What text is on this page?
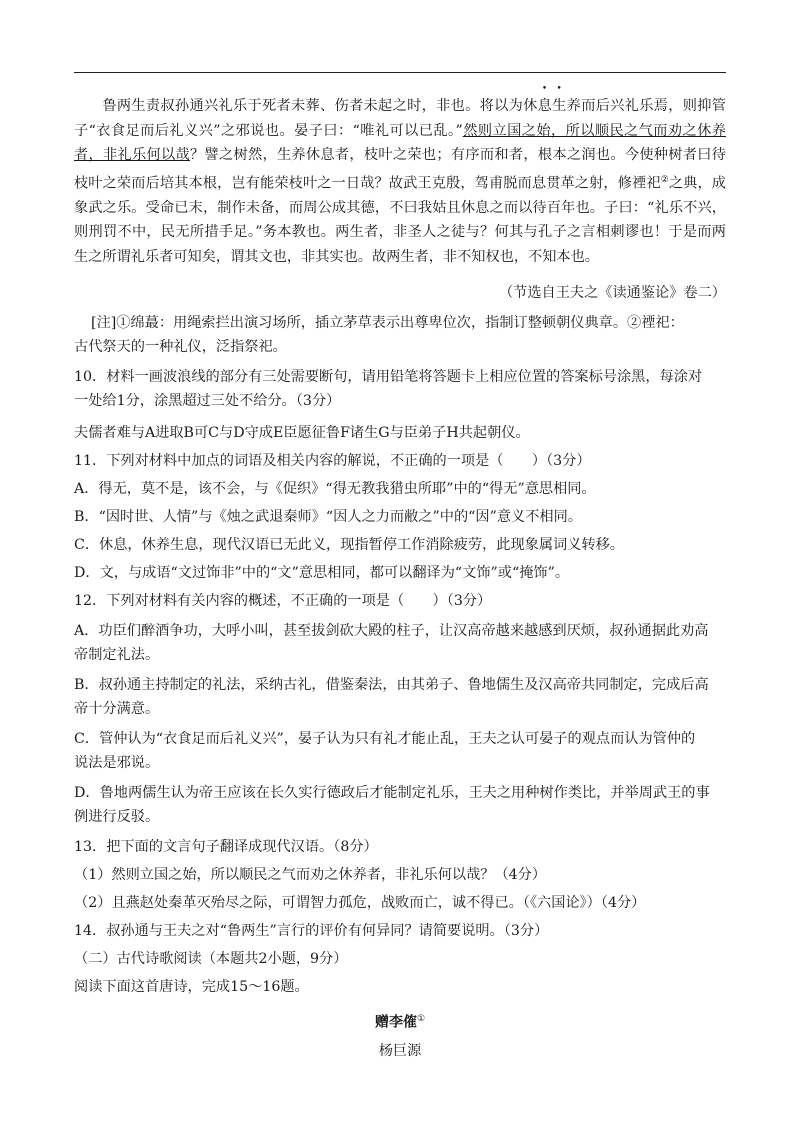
鲁两生责叔孙通兴礼乐于死者未葬、伤者未起之时，非也。将以为休息生养而后兴礼乐焉，则抑管子“衣食足而后礼义兴”之邪说也。晏子曰：“唯礼可以已乱。”然则立国之始，所以顺民之气而劝之休养者，非礼乐何以哉？譬之树然，生养休息者，枝叶之荣也；有序而和者，根本之润也。今使种树者曰待枝叶之荣而后培其本根，岂有能荣枝叶之一日哉？故武王克殷，驾甫脱而息贯革之射，修禋祀②之典，成象武之乐。受命已末，制作未备，而周公成其德，不曰我姑且休息之而以待百年也。子曰：“礼乐不兴，则刑罚不中，民无所措手足。”务本教也。两生者，非圣人之徒与？何其与孔子之言相刺谬也！于是而两生之所谓礼乐者可知矣，谓其文也，非其实也。故两生者，非不知权也，不知本也。

（节选自王夫之《读通鉴论》卷二）

[注]①绵蕞：用绳索拦出演习场所，插立茅草表示出尊卑位次，指制订整顿朝仪典章。②禋祀：

古代祭天的一种礼仪，泛指祭祀。

10．材料一画波浪线的部分有三处需要断句，请用铅笔将答题卡上相应位置的答案标号涂黑，每涂对

一处给1分，涂黑超过三处不给分。（3分）

夫儒者难与A进取B可C与D守成E臣愿征鲁F诸生G与臣弟子H共起朝仪。

11．下列对材料中加点的词语及相关内容的解说，不正确的一项是（　　）（3分）

A．得无，莫不是，该不会，与《促织》“得无教我猎虫所耶”中的“得无”意思相同。

B．“因时世、人情”与《烛之武退秦师》“因人之力而敝之”中的“因”意义不相同。

C．休息，休养生息，现代汉语已无此义，现指暂停工作消除疲劳，此现象属词义转移。

D．文，与成语“文过饰非”中的“文”意思相同，都可以翻译为“文饰”或“掩饰”。

12．下列对材料有关内容的概述，不正确的一项是（　　）（3分）

A．功臣们醉酒争功，大呼小叫，甚至拔剑砍大殿的柱子，让汉高帝越来越感到厌烦，叔孙通据此劝高

帝制定礼法。

B．叔孙通主持制定的礼法，采纳古礼，借鉴秦法，由其弟子、鲁地儒生及汉高帝共同制定，完成后高

帝十分满意。

C．管仲认为“衣食足而后礼义兴”，晏子认为只有礼才能止乱，王夫之认可晏子的观点而认为管仲的

说法是邪说。

D．鲁地两儒生认为帝王应该在长久实行德政后才能制定礼乐，王夫之用种树作类比，并举周武王的事

例进行反驳。

13．把下面的文言句子翻译成现代汉语。（8分）

（1）然则立国之始，所以顺民之气而劝之休养者，非礼乐何以哉？（4分）

（2）且燕赵处秦革灭殆尽之际，可谓智力孤危，战败而亡，诚不得已。（《六国论》）（4分）

14．叔孙通与王夫之对“鲁两生”言行的评价有何异同？请简要说明。（3分）

（二）古代诗歌阅读（本题共2小题，9分）

阅读下面这首唐诗，完成15～16题。

赠李傕①

杨巨源
